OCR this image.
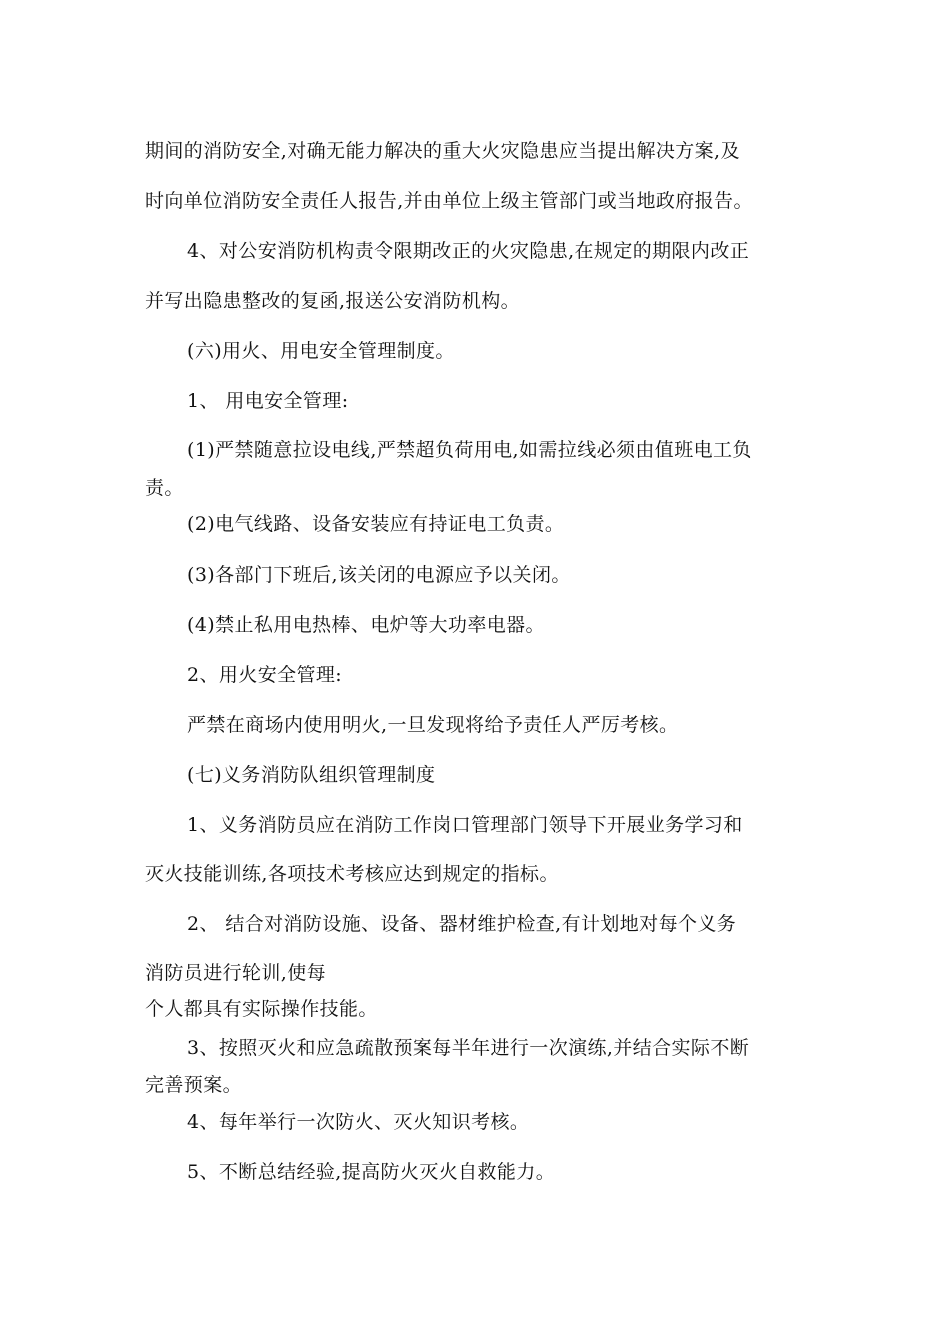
期间的消防安全,对确无能力解决的重大火灾隐患应当提出解决方案,及
时向单位消防安全责任人报告,并由单位上级主管部门或当地政府报告。
4、对公安消防机构责令限期改正的火灾隐患,在规定的期限内改正
并写出隐患整改的复函,报送公安消防机构。
(六)用火、用电安全管理制度。
1、 用电安全管理:
(1)严禁随意拉设电线,严禁超负荷用电,如需拉线必须由值班电工负
责。
(2)电气线路、设备安装应有持证电工负责。
(3)各部门下班后,该关闭的电源应予以关闭。
(4)禁止私用电热棒、电炉等大功率电器。
2、用火安全管理:
严禁在商场内使用明火,一旦发现将给予责任人严厉考核。
(七)义务消防队组织管理制度
1、义务消防员应在消防工作岗口管理部门领导下开展业务学习和
灭火技能训练,各项技术考核应达到规定的指标。
2、 结合对消防设施、设备、器材维护检查,有计划地对每个义务
消防员进行轮训,使每
个人都具有实际操作技能。
3、按照灭火和应急疏散预案每半年进行一次演练,并结合实际不断
完善预案。
4、每年举行一次防火、灭火知识考核。
5、不断总结经验,提高防火灭火自救能力。
